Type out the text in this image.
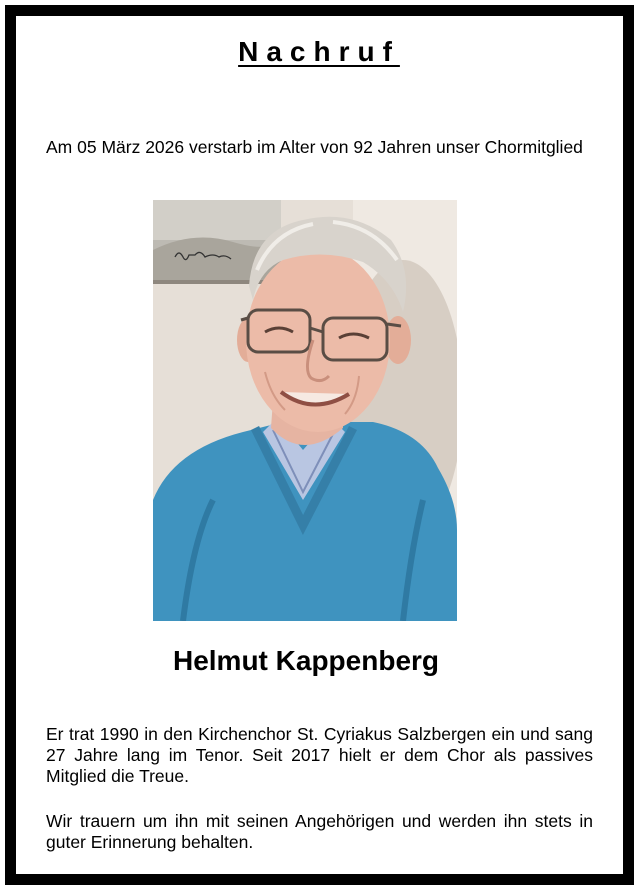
Nachruf
Am 05 März 2026 verstarb im Alter von 92 Jahren unser Chormitglied
Helmut Kappenberg
Er trat 1990 in den Kirchenchor St. Cyriakus Salzbergen ein und sang 27 Jahre lang im Tenor. Seit 2017 hielt er dem Chor als passives Mitglied die Treue.
Wir trauern um ihn mit seinen Angehörigen und werden ihn stets in guter Erinnerung behalten.
